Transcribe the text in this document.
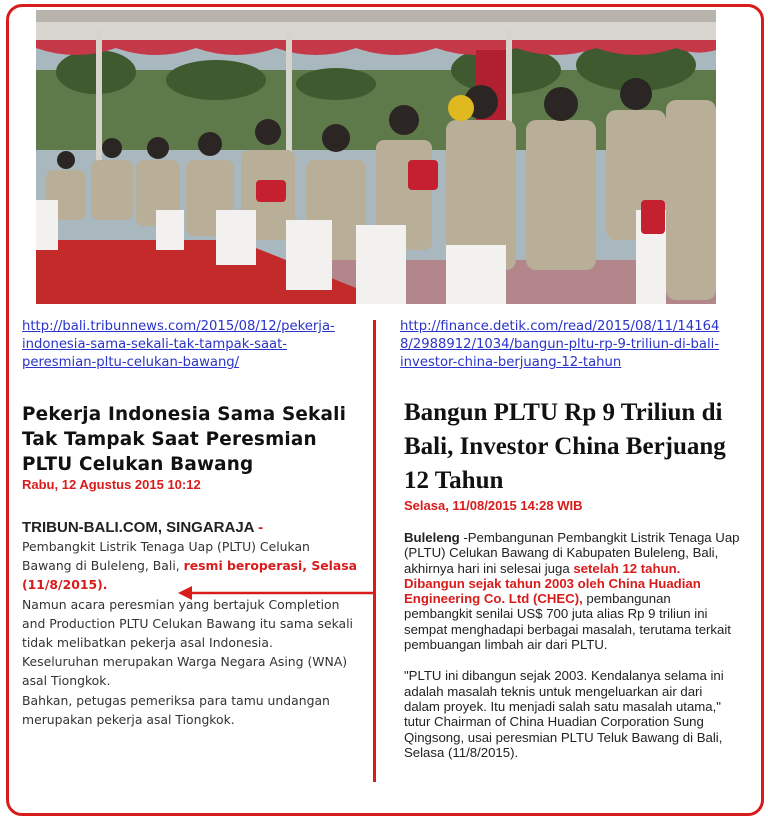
http://bali.tribunnews.com/2015/08/12/pekerja-
indonesia-sama-sekali-tak-tampak-saat-
peresmian-pltu-celukan-bawang/
Pekerja Indonesia Sama Sekali Tak Tampak Saat Peresmian PLTU Celukan Bawang
Rabu, 12 Agustus 2015 10:12
TRIBUN-BALI.COM, SINGARAJA -
Pembangkit Listrik Tenaga Uap (PLTU) Celukan Bawang di Buleleng, Bali, resmi beroperasi, Selasa (11/8/2015).
Namun acara peresmian yang bertajuk Completion and Production PLTU Celukan Bawang itu sama sekali tidak melibatkan pekerja asal Indonesia.
Keseluruhan merupakan Warga Negara Asing (WNA) asal Tiongkok.
Bahkan, petugas pemeriksa para tamu undangan merupakan pekerja asal Tiongkok.
http://finance.detik.com/read/2015/08/11/14164
8/2988912/1034/bangun-pltu-rp-9-triliun-di-bali-
investor-china-berjuang-12-tahun
Bangun PLTU Rp 9 Triliun di Bali, Investor China Berjuang 12 Tahun
Selasa, 11/08/2015 14:28 WIB
Buleleng -Pembangunan Pembangkit Listrik Tenaga Uap (PLTU) Celukan Bawang di Kabupaten Buleleng, Bali, akhirnya hari ini selesai juga setelah 12 tahun. Dibangun sejak tahun 2003 oleh China Huadian Engineering Co. Ltd (CHEC), pembangunan pembangkit senilai US$ 700 juta alias Rp 9 triliun ini sempat menghadapi berbagai masalah, terutama terkait pembuangan limbah air dari PLTU.
"PLTU ini dibangun sejak 2003. Kendalanya selama ini adalah masalah teknis untuk mengeluarkan air dari dalam proyek. Itu menjadi salah satu masalah utama," tutur Chairman of China Huadian Corporation Sung Qingsong, usai peresmian PLTU Teluk Bawang di Bali, Selasa (11/8/2015).
